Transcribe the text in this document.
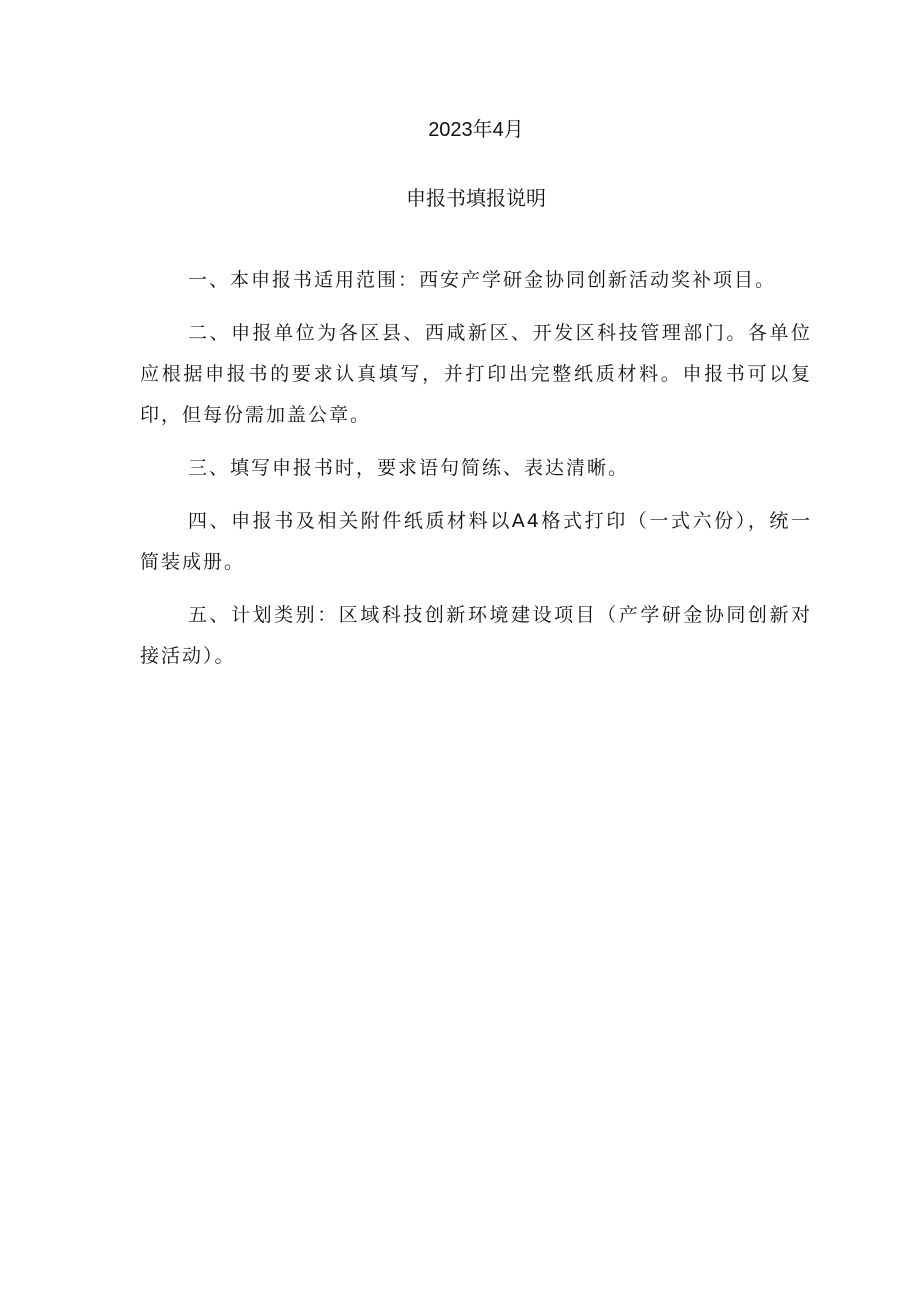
2023年4月
申报书填报说明

一、本申报书适用范围：西安产学研金协同创新活动奖补项目。

二、申报单位为各区县、西咸新区、开发区科技管理部门。各单位应根据申报书的要求认真填写，并打印出完整纸质材料。申报书可以复印，但每份需加盖公章。

三、填写申报书时，要求语句简练、表达清晰。

四、申报书及相关附件纸质材料以A4格式打印（一式六份），统一简装成册。

五、计划类别：区域科技创新环境建设项目（产学研金协同创新对接活动）。
